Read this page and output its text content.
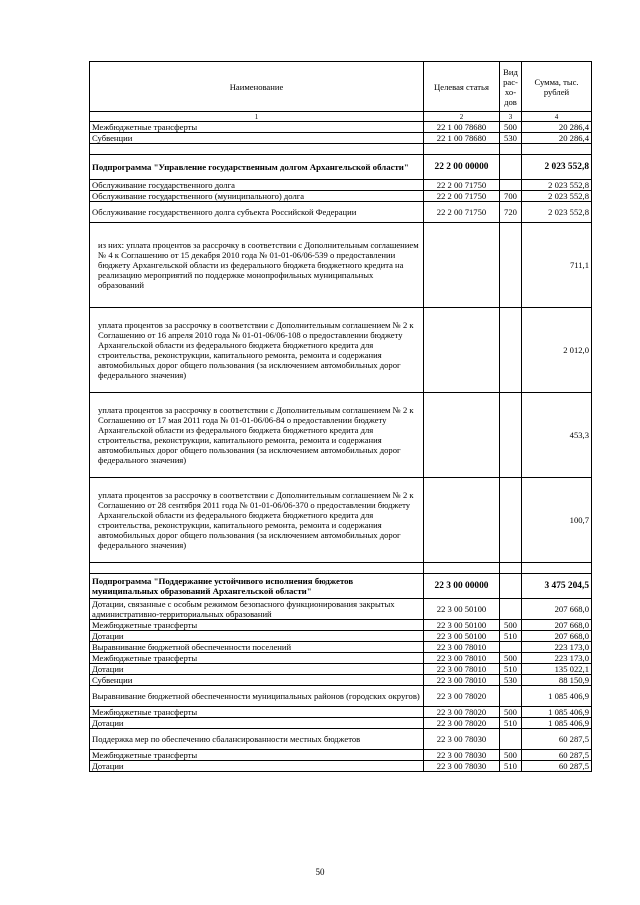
Наименование	Целевая статья	Вид рас-хо-дов	Сумма, тыс. рублей
1	2	3	4
Межбюджетные трансферты	22 1 00 78680	500	20 286,4
Субвенции	22 1 00 78680	530	20 286,4

Подпрограмма "Управление государственным долгом Архангельской области"	22 2 00 00000		2 023 552,8
Обслуживание государственного долга	22 2 00 71750		2 023 552,8
Обслуживание государственного (муниципального) долга	22 2 00 71750	700	2 023 552,8
Обслуживание государственного долга субъекта Российской Федерации	22 2 00 71750	720	2 023 552,8
из них: уплата процентов за рассрочку в соответствии с Дополнительным соглашением № 4 к Соглашению от 15 декабря 2010 года № 01-01-06/06-539 о предоставлении бюджету Архангельской области из федерального бюджета бюджетного кредита на реализацию мероприятий по поддержке монопрофильных муниципальных образований			711,1
уплата процентов за рассрочку в соответствии с Дополнительным соглашением № 2 к Соглашению от 16 апреля 2010 года № 01-01-06/06-108 о предоставлении бюджету Архангельской области из федерального бюджета бюджетного кредита для строительства, реконструкции, капитального ремонта, ремонта и содержания автомобильных дорог общего пользования (за исключением автомобильных дорог федерального значения)			2 012,0
уплата процентов за рассрочку в соответствии с Дополнительным соглашением № 2 к Соглашению от 17 мая 2011 года № 01-01-06/06-84 о предоставлении бюджету Архангельской области из федерального бюджета бюджетного кредита для строительства, реконструкции, капитального ремонта, ремонта и содержания автомобильных дорог общего пользования (за исключением автомобильных дорог федерального значения)			453,3
уплата процентов за рассрочку в соответствии с Дополнительным соглашением № 2 к Соглашению от 28 сентября 2011 года № 01-01-06/06-370 о предоставлении бюджету Архангельской области из федерального бюджета бюджетного кредита для строительства, реконструкции, капитального ремонта, ремонта и содержания автомобильных дорог общего пользования (за исключением автомобильных дорог федерального значения)			100,7

Подпрограмма "Поддержание устойчивого исполнения бюджетов муниципальных образований Архангельской области"	22 3 00 00000		3 475 204,5
Дотации, связанные с особым режимом безопасного функционирования закрытых административно-территориальных образований	22 3 00 50100		207 668,0
Межбюджетные трансферты	22 3 00 50100	500	207 668,0
Дотации	22 3 00 50100	510	207 668,0
Выравнивание бюджетной обеспеченности поселений	22 3 00 78010		223 173,0
Межбюджетные трансферты	22 3 00 78010	500	223 173,0
Дотации	22 3 00 78010	510	135 022,1
Субвенции	22 3 00 78010	530	88 150,9
Выравнивание бюджетной обеспеченности муниципальных районов (городских округов)	22 3 00 78020		1 085 406,9
Межбюджетные трансферты	22 3 00 78020	500	1 085 406,9
Дотации	22 3 00 78020	510	1 085 406,9
Поддержка мер по обеспечению сбалансированности местных бюджетов	22 3 00 78030		60 287,5
Межбюджетные трансферты	22 3 00 78030	500	60 287,5
Дотации	22 3 00 78030	510	60 287,5
50
